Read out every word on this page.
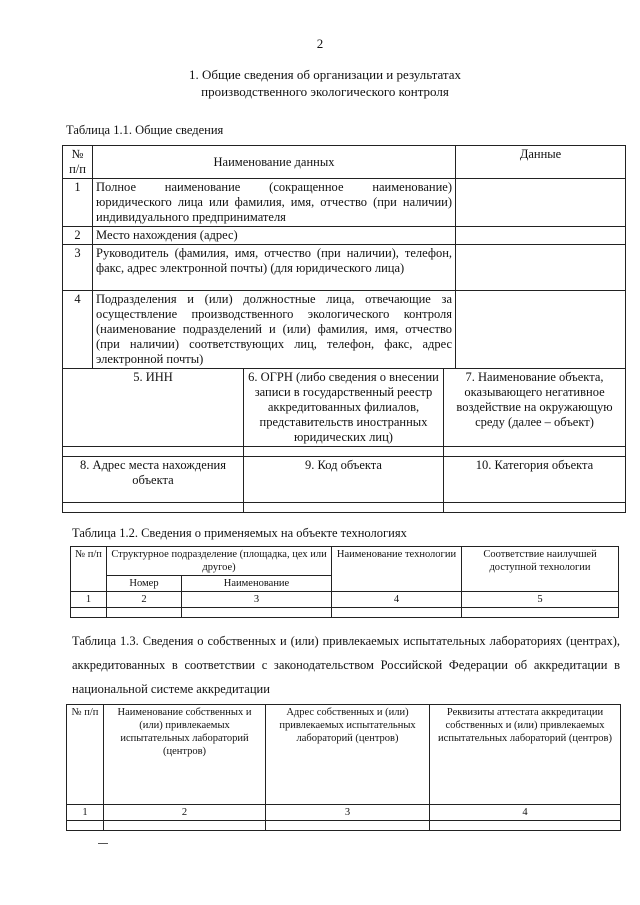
2
1. Общие сведения об организации и результатах
производственного экологического контроля
Таблица 1.1. Общие сведения
№ п/п	Наименование данных			Данные
1	Полное наименование (сокращенное наименование) юридического лица или фамилия, имя, отчество (при наличии) индивидуального предпринимателя			
2	Место нахождения (адрес)			
3	Руководитель (фамилия, имя, отчество (при наличии), телефон, факс, адрес электронной почты) (для юридического лица)			
4	Подразделения и (или) должностные лица, отвечающие за осуществление производственного экологического контроля (наименование подразделений и (или) фамилия, имя, отчество (при наличии) соответствующих лиц, телефон, факс, адрес электронной почты)			
5. ИНН		6. ОГРН (либо сведения о внесении записи в государственный реестр аккредитованных филиалов, представительств иностранных юридических лиц)	7. Наименование объекта, оказывающего негативное воздействие на окружающую среду (далее – объект)	

8. Адрес места нахождения объекта		9. Код объекта	10. Категория объекта	

Таблица 1.2. Сведения о применяемых на объекте технологиях
№ п/п	Структурное подразделение (площадка, цех или другое)		Наименование технологии	Соответствие наилучшей доступной технологии
	Номер	Наименование		
1	2	3	4	5

Таблица 1.3. Сведения о собственных и (или) привлекаемых испытательных лабораториях (центрах), аккредитованных в соответствии с законодательством Российской Федерации об аккредитации в национальной системе аккредитации
№ п/п	Наименование собственных и (или) привлекаемых испытательных лабораторий (центров)	Адрес собственных и (или) привлекаемых испытательных лабораторий (центров)	Реквизиты аттестата аккредитации собственных и (или) привлекаемых испытательных лабораторий (центров)
1	2	3	4
